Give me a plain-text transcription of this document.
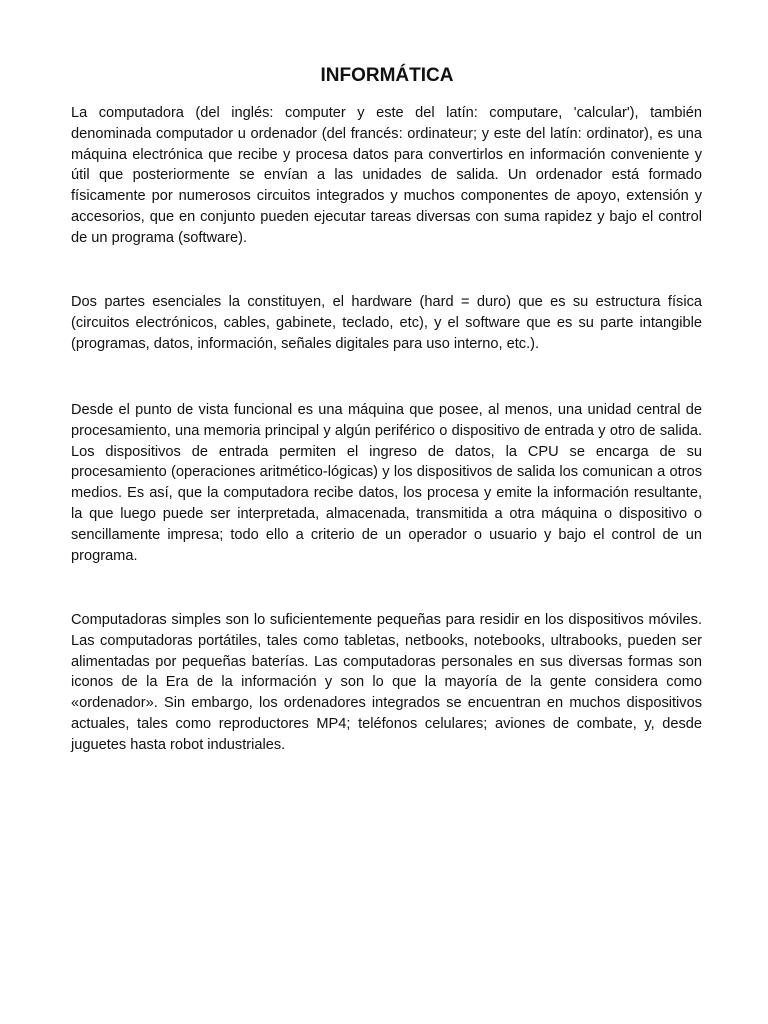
INFORMÁTICA

La computadora (del inglés: computer y este del latín: computare, 'calcular'), también denominada computador u ordenador (del francés: ordinateur; y este del latín: ordinator), es una máquina electrónica que recibe y procesa datos para convertirlos en información conveniente y útil que posteriormente se envían a las unidades de salida. Un ordenador está formado físicamente por numerosos circuitos integrados y muchos componentes de apoyo, extensión y accesorios, que en conjunto pueden ejecutar tareas diversas con suma rapidez y bajo el control de un programa (software).

Dos partes esenciales la constituyen, el hardware (hard = duro) que es su estructura física (circuitos electrónicos, cables, gabinete, teclado, etc), y el software que es su parte intangible (programas, datos, información, señales digitales para uso interno, etc.).

Desde el punto de vista funcional es una máquina que posee, al menos, una unidad central de procesamiento, una memoria principal y algún periférico o dispositivo de entrada y otro de salida. Los dispositivos de entrada permiten el ingreso de datos, la CPU se encarga de su procesamiento (operaciones aritmético-lógicas) y los dispositivos de salida los comunican a otros medios. Es así, que la computadora recibe datos, los procesa y emite la información resultante, la que luego puede ser interpretada, almacenada, transmitida a otra máquina o dispositivo o sencillamente impresa; todo ello a criterio de un operador o usuario y bajo el control de un programa.

Computadoras simples son lo suficientemente pequeñas para residir en los dispositivos móviles. Las computadoras portátiles, tales como tabletas, netbooks, notebooks, ultrabooks, pueden ser alimentadas por pequeñas baterías. Las computadoras personales en sus diversas formas son iconos de la Era de la información y son lo que la mayoría de la gente considera como «ordenador». Sin embargo, los ordenadores integrados se encuentran en muchos dispositivos actuales, tales como reproductores MP4; teléfonos celulares; aviones de combate, y, desde juguetes hasta robot industriales.
